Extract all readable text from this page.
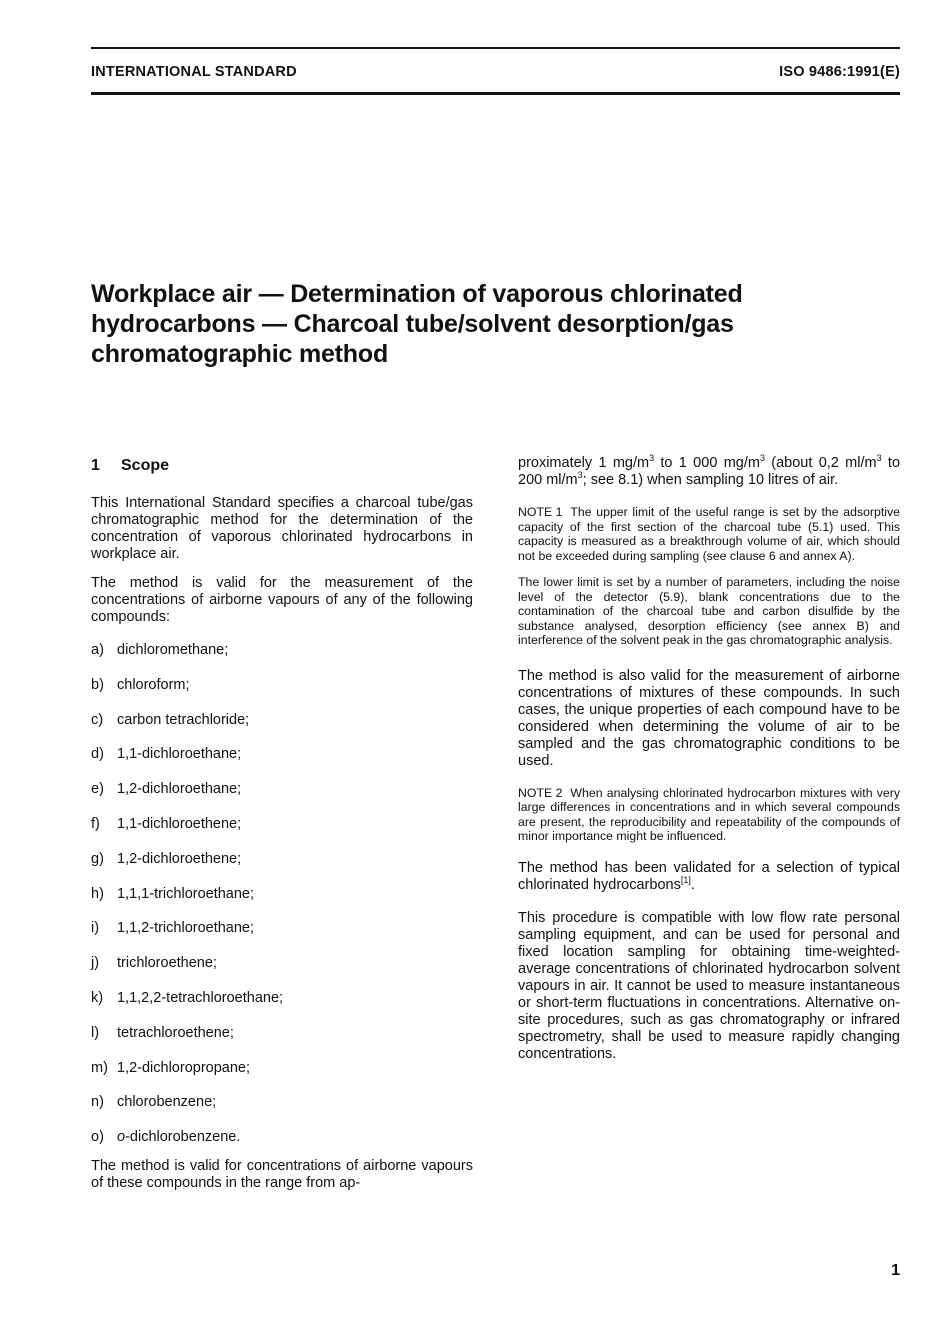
INTERNATIONAL STANDARD	ISO 9486:1991(E)
Workplace air — Determination of vaporous chlorinated
hydrocarbons — Charcoal tube/solvent desorption/gas
chromatographic method
1 Scope

This International Standard specifies a charcoal tube/gas chromatographic method for the determination of the concentration of vaporous chlorinated hydrocarbons in workplace air.

The method is valid for the measurement of the concentrations of airborne vapours of any of the following compounds:

a) dichloromethane;
b) chloroform;
c) carbon tetrachloride;
d) 1,1-dichloroethane;
e) 1,2-dichloroethane;
f) 1,1-dichloroethene;
g) 1,2-dichloroethene;
h) 1,1,1-trichloroethane;
i) 1,1,2-trichloroethane;
j) trichloroethene;
k) 1,1,2,2-tetrachloroethane;
l) tetrachloroethene;
m) 1,2-dichloropropane;
n) chlorobenzene;
o) o-dichlorobenzene.

The method is valid for concentrations of airborne vapours of these compounds in the range from ap-

proximately 1 $mg/m^3$ to 1 000 $mg/m^3$ (about 0,2 $ml/m^3$ to 200 $ml/m^3$; see 8.1) when sampling 10 litres of air.

NOTE 1 The upper limit of the useful range is set by the adsorptive capacity of the first section of the charcoal tube (5.1) used. This capacity is measured as a breakthrough volume of air, which should not be exceeded during sampling (see clause 6 and annex A).

The lower limit is set by a number of parameters, including the noise level of the detector (5.9), blank concentrations due to the contamination of the charcoal tube and carbon disulfide by the substance analysed, desorption efficiency (see annex B) and interference of the solvent peak in the gas chromatographic analysis.

The method is also valid for the measurement of airborne concentrations of mixtures of these compounds. In such cases, the unique properties of each compound have to be considered when determining the volume of air to be sampled and the gas chromatographic conditions to be used.

NOTE 2 When analysing chlorinated hydrocarbon mixtures with very large differences in concentrations and in which several compounds are present, the reproducibility and repeatability of the compounds of minor importance might be influenced.

The method has been validated for a selection of typical chlorinated hydrocarbons[1].

This procedure is compatible with low flow rate personal sampling equipment, and can be used for personal and fixed location sampling for obtaining time-weighted-average concentrations of chlorinated hydrocarbon solvent vapours in air. It cannot be used to measure instantaneous or short-term fluctuations in concentrations. Alternative on-site procedures, such as gas chromatography or infrared spectrometry, shall be used to measure rapidly changing concentrations.

1
